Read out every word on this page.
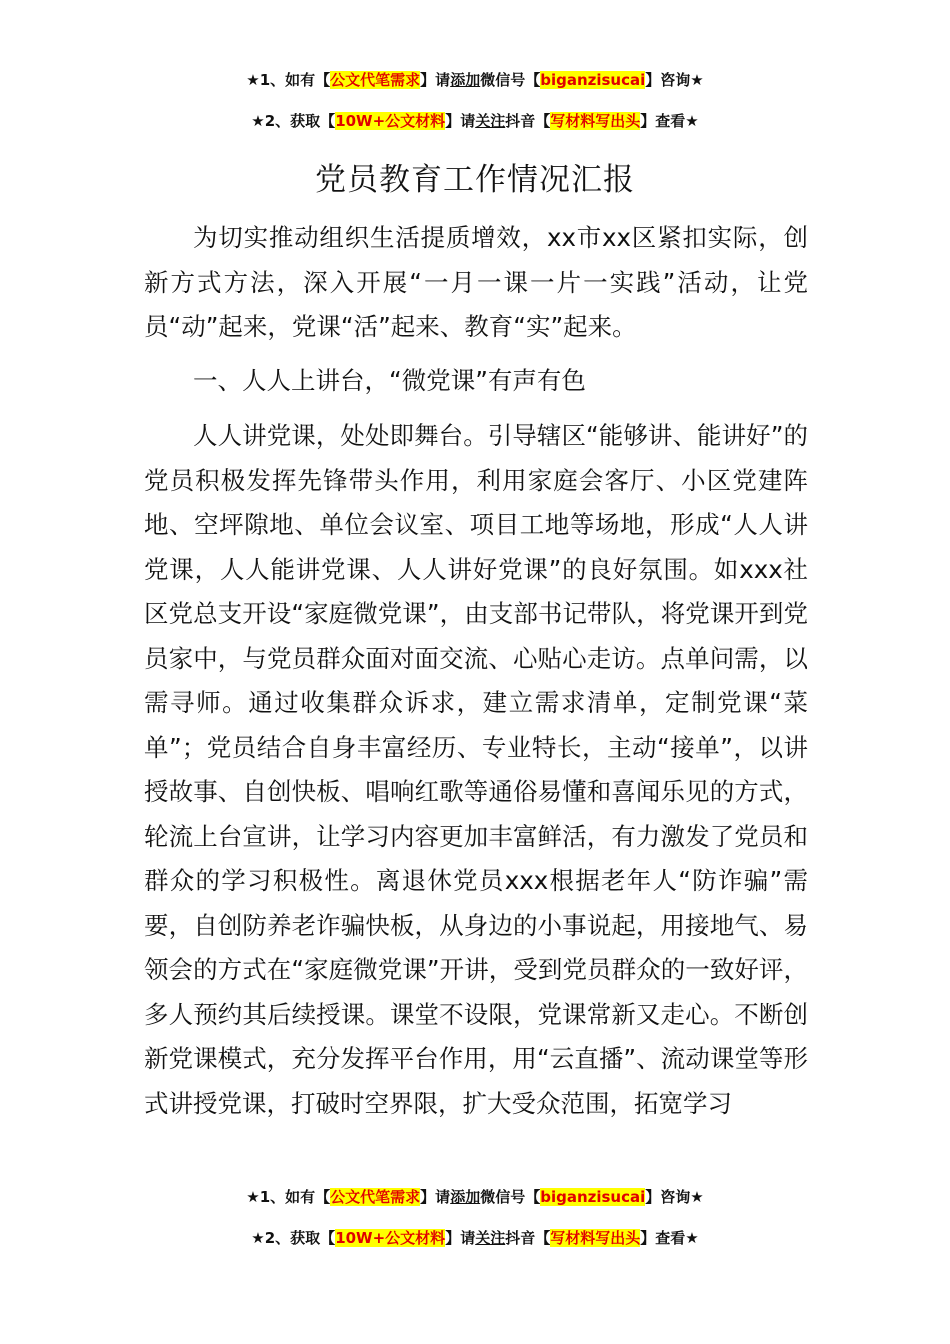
★1、如有【公文代笔需求】请添加微信号【biganzisucai】咨询★
★2、获取【10W+公文材料】请关注抖音【写材料写出头】查看★
党员教育工作情况汇报

为切实推动组织生活提质增效，xx市xx区紧扣实际，创新方式方法，深入开展“一月一课一片一实践”活动，让党员“动”起来，党课“活”起来、教育“实”起来。

一、人人上讲台，“微党课”有声有色

人人讲党课，处处即舞台。引导辖区“能够讲、能讲好”的党员积极发挥先锋带头作用，利用家庭会客厅、小区党建阵地、空坪隙地、单位会议室、项目工地等场地，形成“人人讲党课，人人能讲党课、人人讲好党课”的良好氛围。如xxx社区党总支开设“家庭微党课”，由支部书记带队，将党课开到党员家中，与党员群众面对面交流、心贴心走访。点单问需，以需寻师。通过收集群众诉求，建立需求清单，定制党课“菜单”；党员结合自身丰富经历、专业特长，主动“接单”，以讲授故事、自创快板、唱响红歌等通俗易懂和喜闻乐见的方式，轮流上台宣讲，让学习内容更加丰富鲜活，有力激发了党员和群众的学习积极性。离退休党员xxx根据老年人“防诈骗”需要，自创防养老诈骗快板，从身边的小事说起，用接地气、易领会的方式在“家庭微党课”开讲，受到党员群众的一致好评，多人预约其后续授课。课堂不设限，党课常新又走心。不断创新党课模式，充分发挥平台作用，用“云直播”、流动课堂等形式讲授党课，打破时空界限，扩大受众范围，拓宽学习

★1、如有【公文代笔需求】请添加微信号【biganzisucai】咨询★
★2、获取【10W+公文材料】请关注抖音【写材料写出头】查看★
